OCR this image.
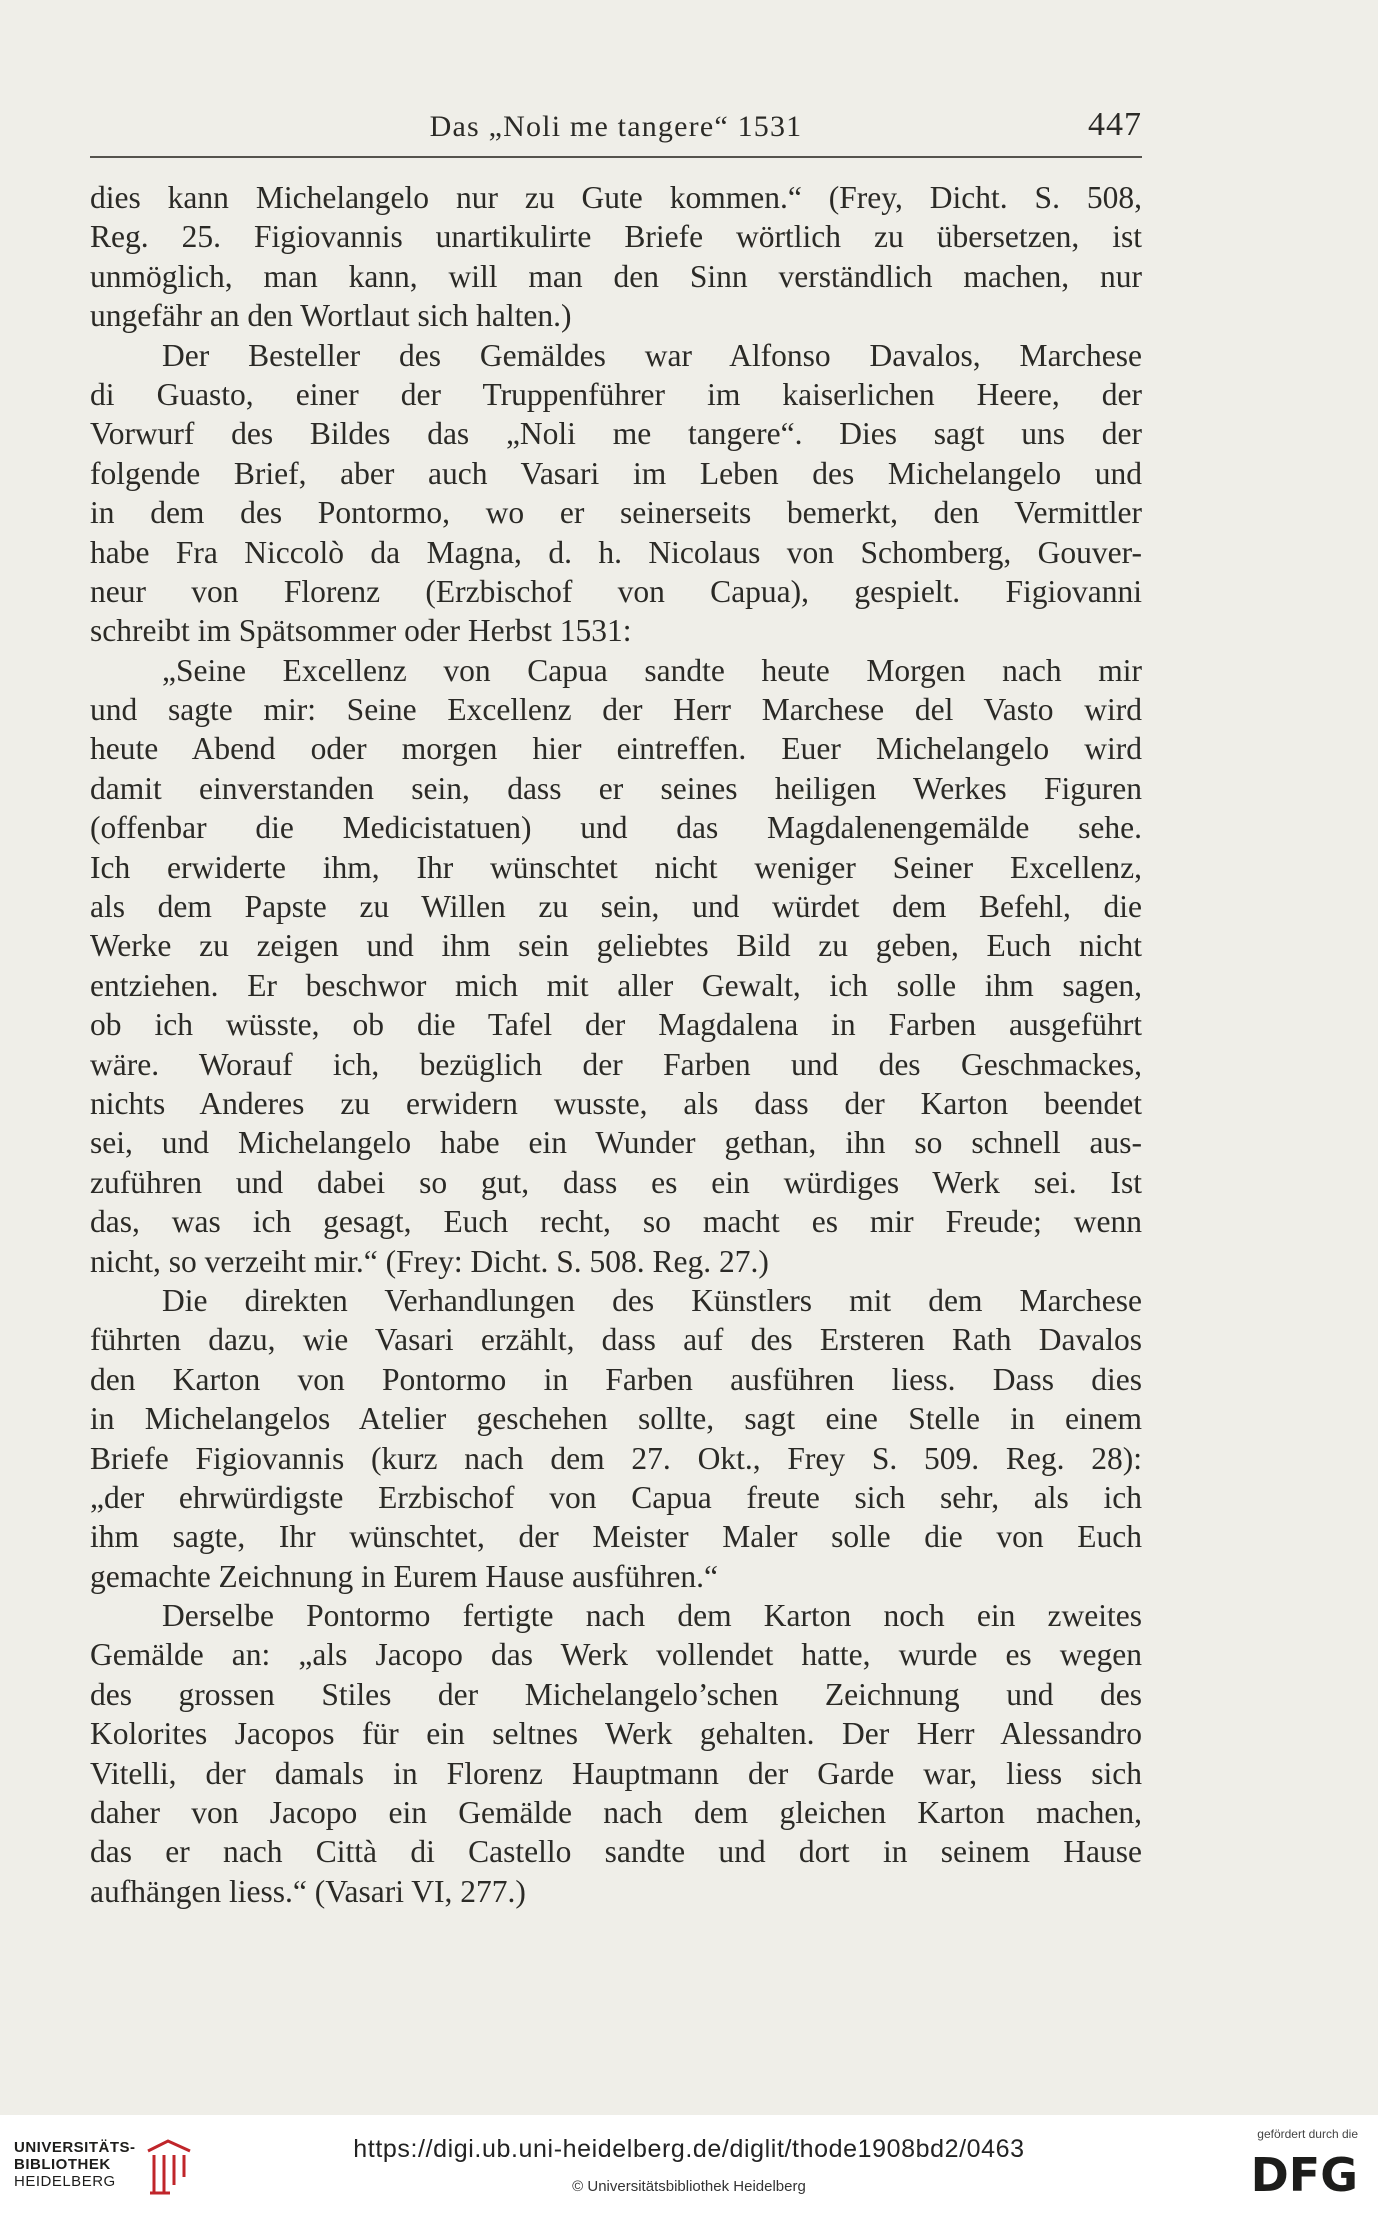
Das „Noli me tangere“ 1531	447
dies kann Michelangelo nur zu Gute kommen.“ (Frey, Dicht. S. 508,
Reg. 25. Figiovannis unartikulirte Briefe wörtlich zu übersetzen, ist
unmöglich, man kann, will man den Sinn verständlich machen, nur
ungefähr an den Wortlaut sich halten.)
Der Besteller des Gemäldes war Alfonso Davalos, Marchese
di Guasto, einer der Truppenführer im kaiserlichen Heere, der
Vorwurf des Bildes das „Noli me tangere“. Dies sagt uns der
folgende Brief, aber auch Vasari im Leben des Michelangelo und
in dem des Pontormo, wo er seinerseits bemerkt, den Vermittler
habe Fra Niccolò da Magna, d. h. Nicolaus von Schomberg, Gouver-
neur von Florenz (Erzbischof von Capua), gespielt. Figiovanni
schreibt im Spätsommer oder Herbst 1531:
„Seine Excellenz von Capua sandte heute Morgen nach mir
und sagte mir: Seine Excellenz der Herr Marchese del Vasto wird
heute Abend oder morgen hier eintreffen. Euer Michelangelo wird
damit einverstanden sein, dass er seines heiligen Werkes Figuren
(offenbar die Medicistatuen) und das Magdalenengemälde sehe.
Ich erwiderte ihm, Ihr wünschtet nicht weniger Seiner Excellenz,
als dem Papste zu Willen zu sein, und würdet dem Befehl, die
Werke zu zeigen und ihm sein geliebtes Bild zu geben, Euch nicht
entziehen. Er beschwor mich mit aller Gewalt, ich solle ihm sagen,
ob ich wüsste, ob die Tafel der Magdalena in Farben ausgeführt
wäre. Worauf ich, bezüglich der Farben und des Geschmackes,
nichts Anderes zu erwidern wusste, als dass der Karton beendet
sei, und Michelangelo habe ein Wunder gethan, ihn so schnell aus-
zuführen und dabei so gut, dass es ein würdiges Werk sei. Ist
das, was ich gesagt, Euch recht, so macht es mir Freude; wenn
nicht, so verzeiht mir.“ (Frey: Dicht. S. 508. Reg. 27.)
Die direkten Verhandlungen des Künstlers mit dem Marchese
führten dazu, wie Vasari erzählt, dass auf des Ersteren Rath Davalos
den Karton von Pontormo in Farben ausführen liess. Dass dies
in Michelangelos Atelier geschehen sollte, sagt eine Stelle in einem
Briefe Figiovannis (kurz nach dem 27. Okt., Frey S. 509. Reg. 28):
„der ehrwürdigste Erzbischof von Capua freute sich sehr, als ich
ihm sagte, Ihr wünschtet, der Meister Maler solle die von Euch
gemachte Zeichnung in Eurem Hause ausführen.“
Derselbe Pontormo fertigte nach dem Karton noch ein zweites
Gemälde an: „als Jacopo das Werk vollendet hatte, wurde es wegen
des grossen Stiles der Michelangelo’schen Zeichnung und des
Kolorites Jacopos für ein seltnes Werk gehalten. Der Herr Alessandro
Vitelli, der damals in Florenz Hauptmann der Garde war, liess sich
daher von Jacopo ein Gemälde nach dem gleichen Karton machen,
das er nach Città di Castello sandte und dort in seinem Hause
aufhängen liess.“ (Vasari VI, 277.)
UNIVERSITÄTS-
BIBLIOTHEK
HEIDELBERG
https://digi.ub.uni-heidelberg.de/diglit/thode1908bd2/0463
© Universitätsbibliothek Heidelberg
gefördert durch die
DFG
